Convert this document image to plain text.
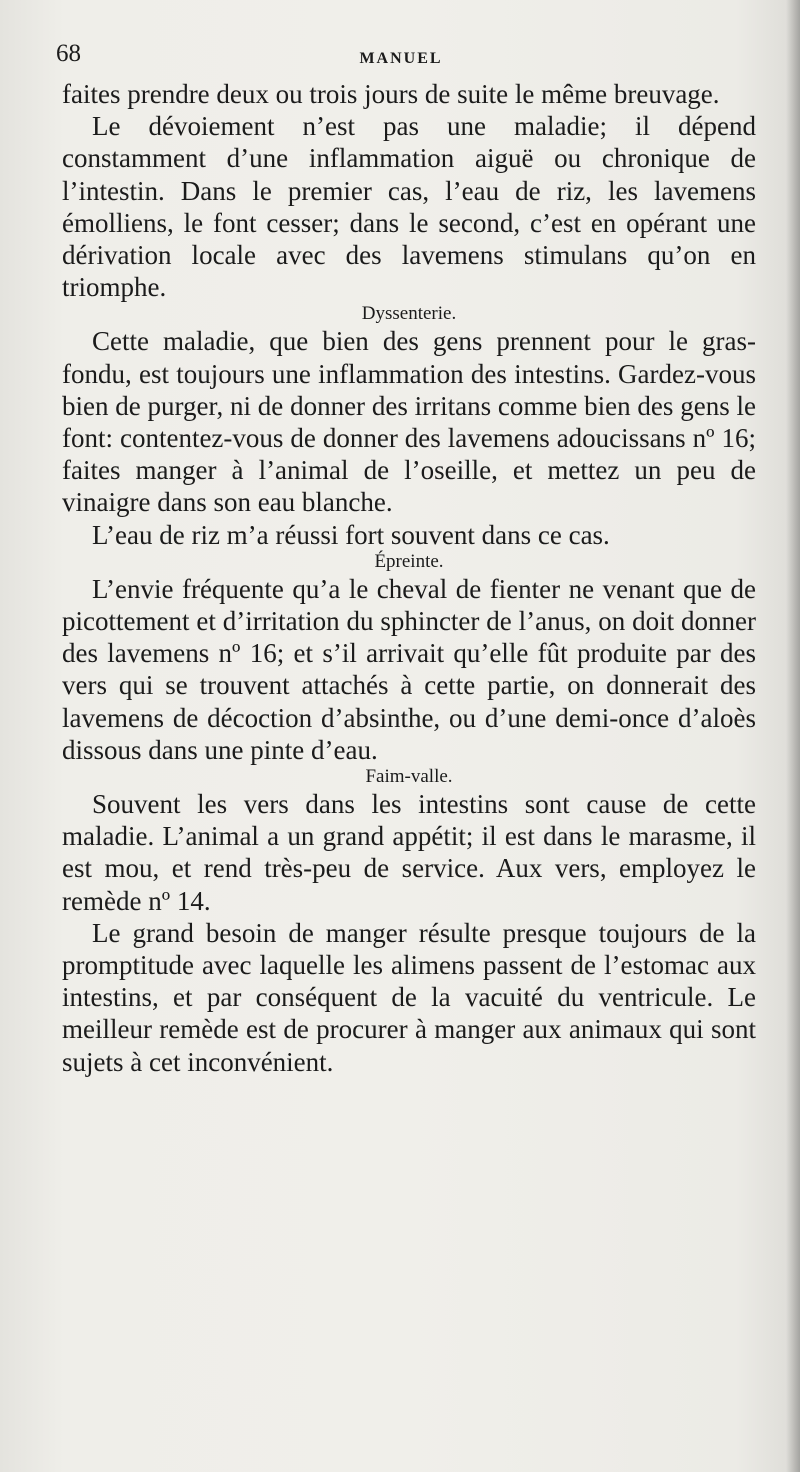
68	MANUEL

faites prendre deux ou trois jours de suite le même breuvage.

Le dévoiement n’est pas une maladie; il dépend constamment d’une inflammation aiguë ou chronique de l’intestin. Dans le premier cas, l’eau de riz, les lavemens émolliens, le font cesser; dans le second, c’est en opérant une dérivation locale avec des lavemens stimulans qu’on en triomphe.

Dyssenterie.

Cette maladie, que bien des gens prennent pour le gras-fondu, est toujours une inflammation des intestins. Gardez-vous bien de purger, ni de donner des irritans comme bien des gens le font: contentez-vous de donner des lavemens adoucissans nº 16; faites manger à l’animal de l’oseille, et mettez un peu de vinaigre dans son eau blanche.

L’eau de riz m’a réussi fort souvent dans ce cas.

Épreinte.

L’envie fréquente qu’a le cheval de fienter ne venant que de picottement et d’irritation du sphincter de l’anus, on doit donner des lavemens nº 16; et s’il arrivait qu’elle fût produite par des vers qui se trouvent attachés à cette partie, on donnerait des lavemens de décoction d’absinthe, ou d’une demi-once d’aloès dissous dans une pinte d’eau.

Faim-valle.

Souvent les vers dans les intestins sont cause de cette maladie. L’animal a un grand appétit; il est dans le marasme, il est mou, et rend très-peu de service. Aux vers, employez le remède nº 14.

Le grand besoin de manger résulte presque toujours de la promptitude avec laquelle les alimens passent de l’estomac aux intestins, et par conséquent de la vacuité du ventricule. Le meilleur remède est de procurer à manger aux animaux qui sont sujets à cet inconvénient.
